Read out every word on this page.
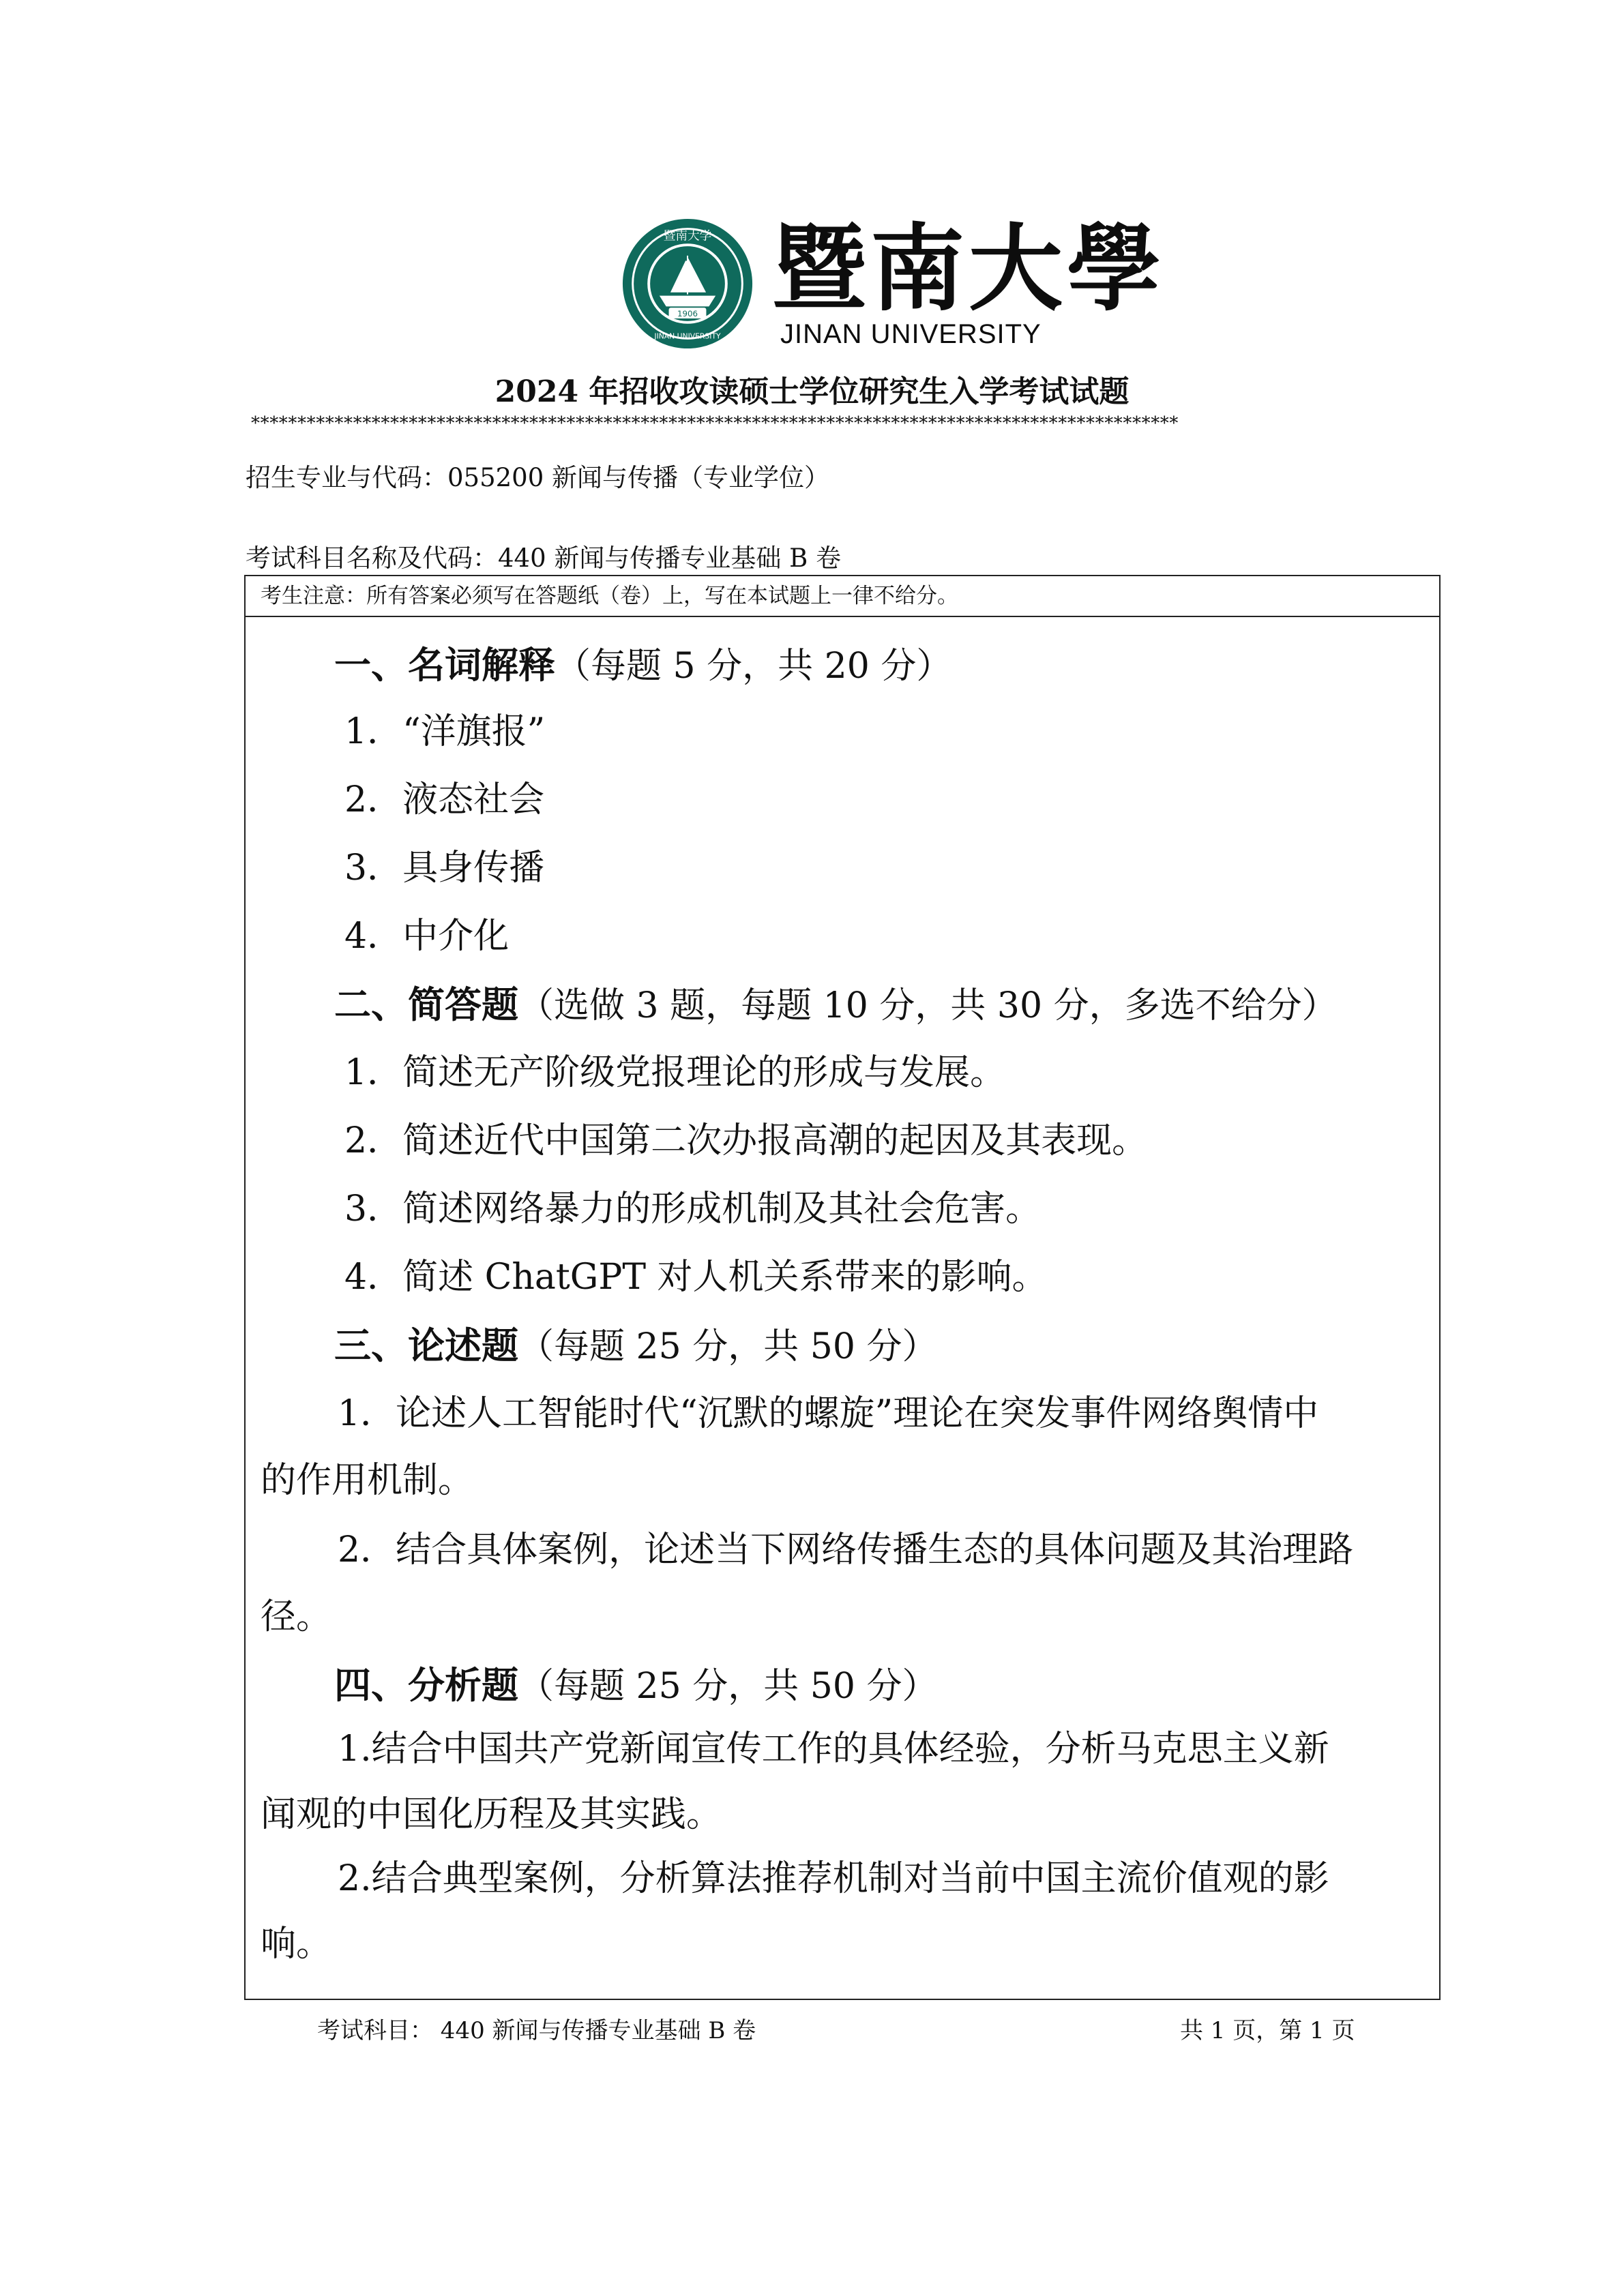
1906
暨南大学
JINAN UNIVERSITY
暨南大學
JINAN UNIVERSITY
2024 年招收攻读硕士学位研究生入学考试试题
****************************************************************************************************
招生专业与代码：055200 新闻与传播（专业学位）
考试科目名称及代码：440 新闻与传播专业基础 B 卷
考生注意：所有答案必须写在答题纸（卷）上，写在本试题上一律不给分。
一、名词解释（每题 5 分，共 20 分）
1．“洋旗报”
2．液态社会
3．具身传播
4．中介化
二、简答题（选做 3 题，每题 10 分，共 30 分，多选不给分）
1．简述无产阶级党报理论的形成与发展。
2．简述近代中国第二次办报高潮的起因及其表现。
3．简述网络暴力的形成机制及其社会危害。
4．简述 ChatGPT 对人机关系带来的影响。
三、论述题（每题 25 分，共 50 分）
1．论述人工智能时代“沉默的螺旋”理论在突发事件网络舆情中
的作用机制。
2．结合具体案例，论述当下网络传播生态的具体问题及其治理路
径。
四、分析题（每题 25 分，共 50 分）
1.结合中国共产党新闻宣传工作的具体经验，分析马克思主义新
闻观的中国化历程及其实践。
2.结合典型案例，分析算法推荐机制对当前中国主流价值观的影
响。
考试科目： 440 新闻与传播专业基础 B 卷	共 1 页，第 1 页
